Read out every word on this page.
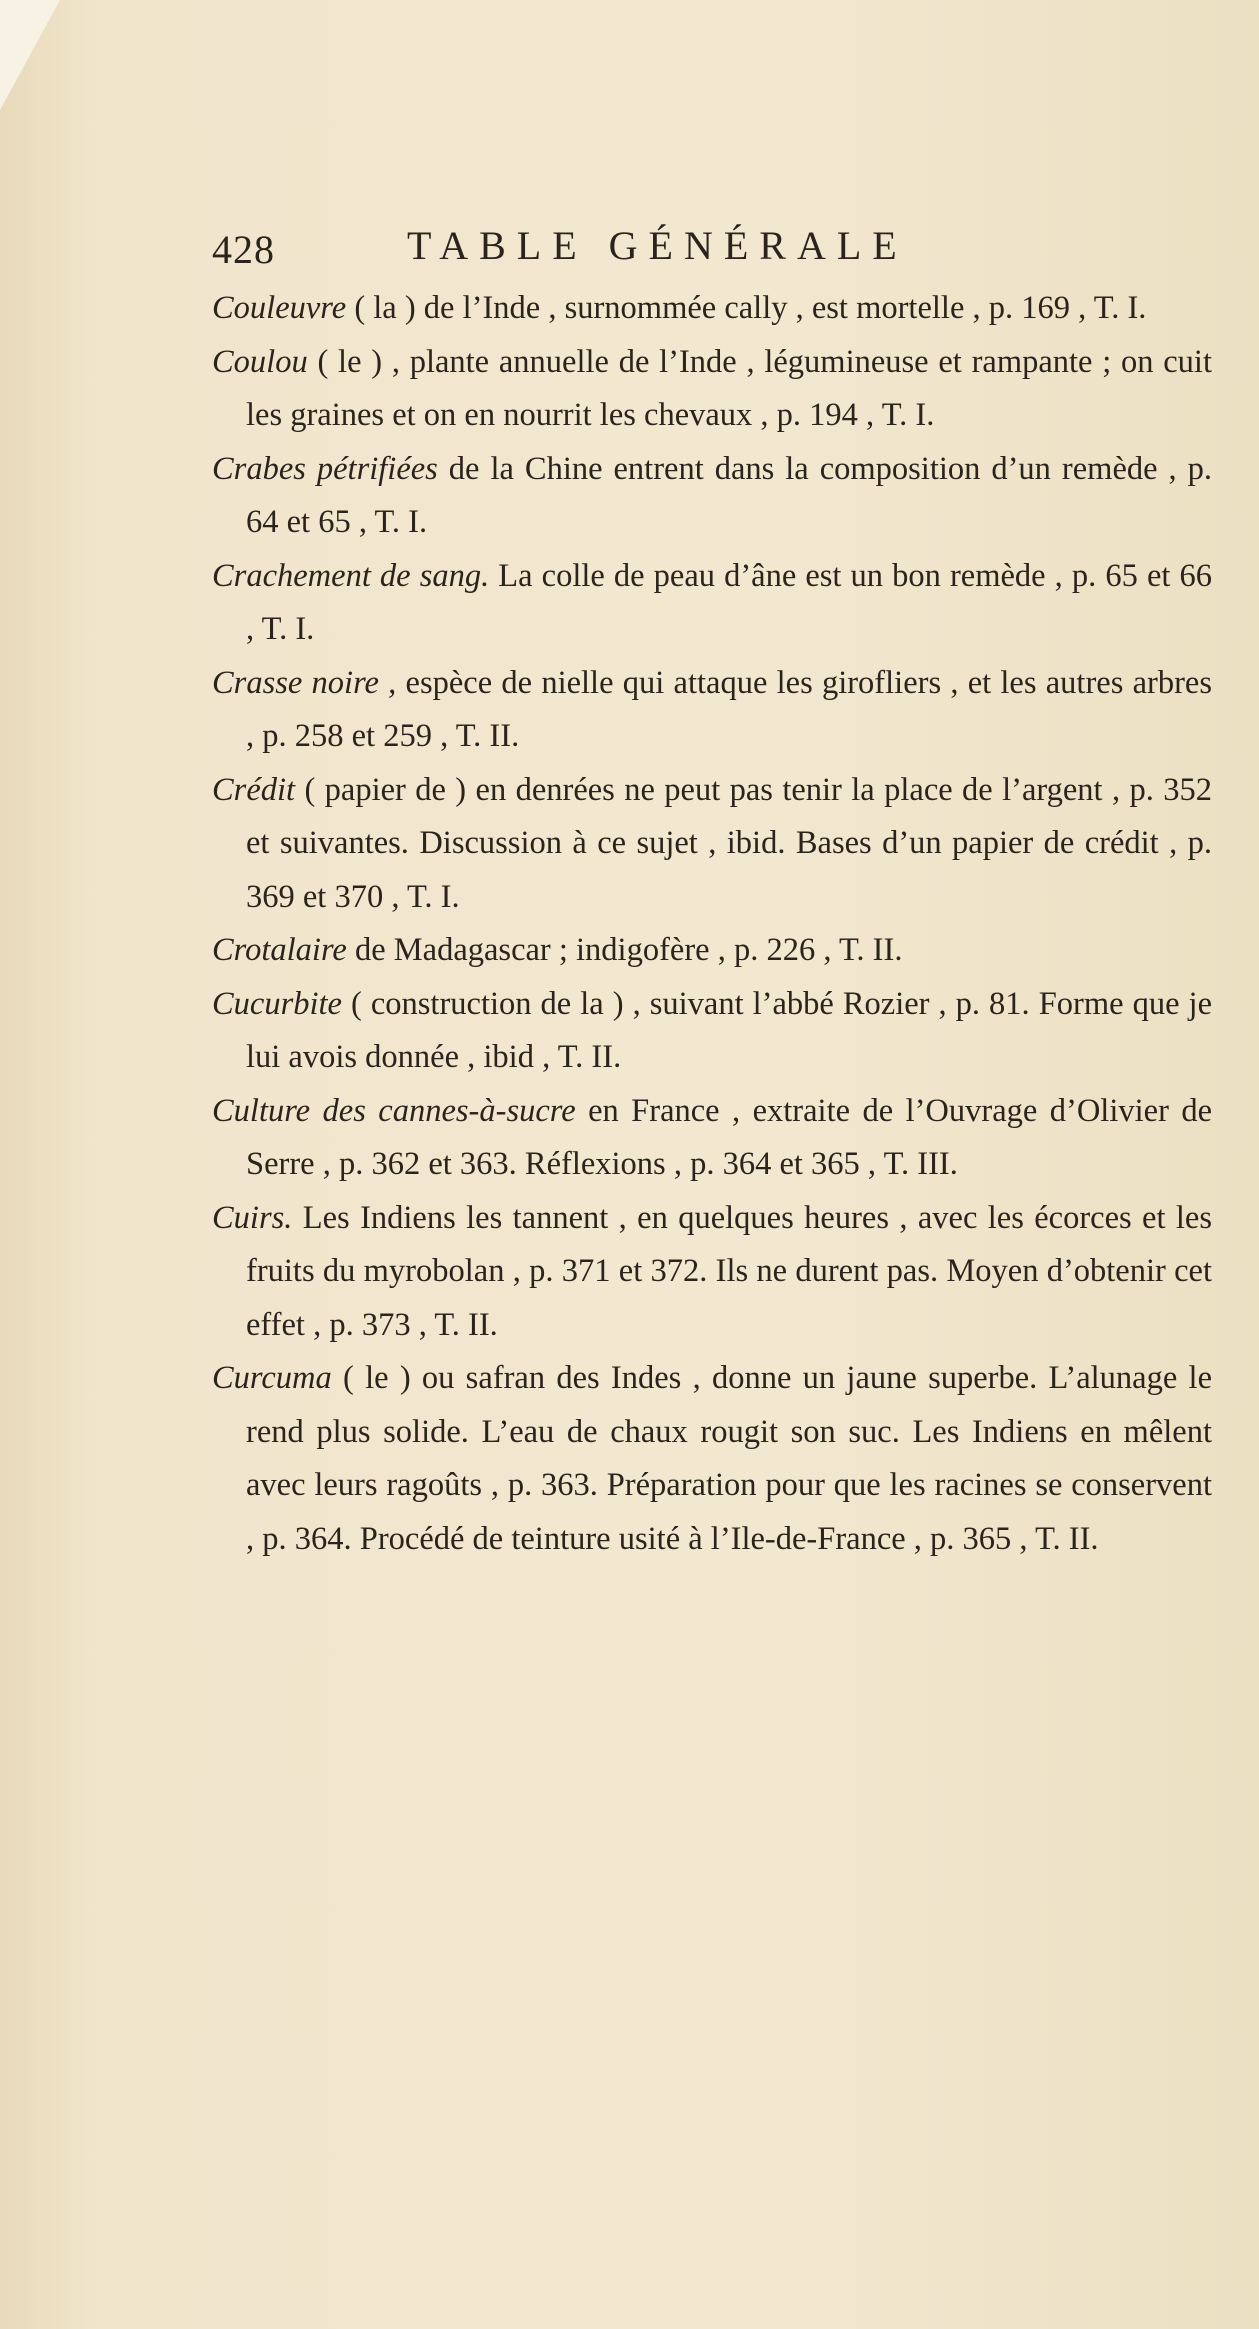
428	TABLE GÉNÉRALE

Couleuvre ( la ) de l’Inde , surnommée cally , est mortelle , p. 169 , T. I.

Coulou ( le ) , plante annuelle de l’Inde , légumineuse et rampante ; on cuit les graines et on en nourrit les chevaux , p. 194 , T. I.

Crabes pétrifiées de la Chine entrent dans la composition d’un remède , p. 64 et 65 , T. I.

Crachement de sang. La colle de peau d’âne est un bon remède , p. 65 et 66 , T. I.

Crasse noire , espèce de nielle qui attaque les girofliers , et les autres arbres , p. 258 et 259 , T. II.

Crédit ( papier de ) en denrées ne peut pas tenir la place de l’argent , p. 352 et suivantes. Discussion à ce sujet , ibid. Bases d’un papier de crédit , p. 369 et 370 , T. I.

Crotalaire de Madagascar ; indigofère , p. 226 , T. II.

Cucurbite ( construction de la ) , suivant l’abbé Rozier , p. 81. Forme que je lui avois donnée , ibid , T. II.

Culture des cannes-à-sucre en France , extraite de l’Ouvrage d’Olivier de Serre , p. 362 et 363. Réflexions , p. 364 et 365 , T. III.

Cuirs. Les Indiens les tannent , en quelques heures , avec les écorces et les fruits du myrobolan , p. 371 et 372. Ils ne durent pas. Moyen d’obtenir cet effet , p. 373 , T. II.

Curcuma ( le ) ou safran des Indes , donne un jaune superbe. L’alunage le rend plus solide. L’eau de chaux rougit son suc. Les Indiens en mêlent avec leurs ragoûts , p. 363. Préparation pour que les racines se conservent , p. 364. Procédé de teinture usité à l’Ile-de-France , p. 365 , T. II.
